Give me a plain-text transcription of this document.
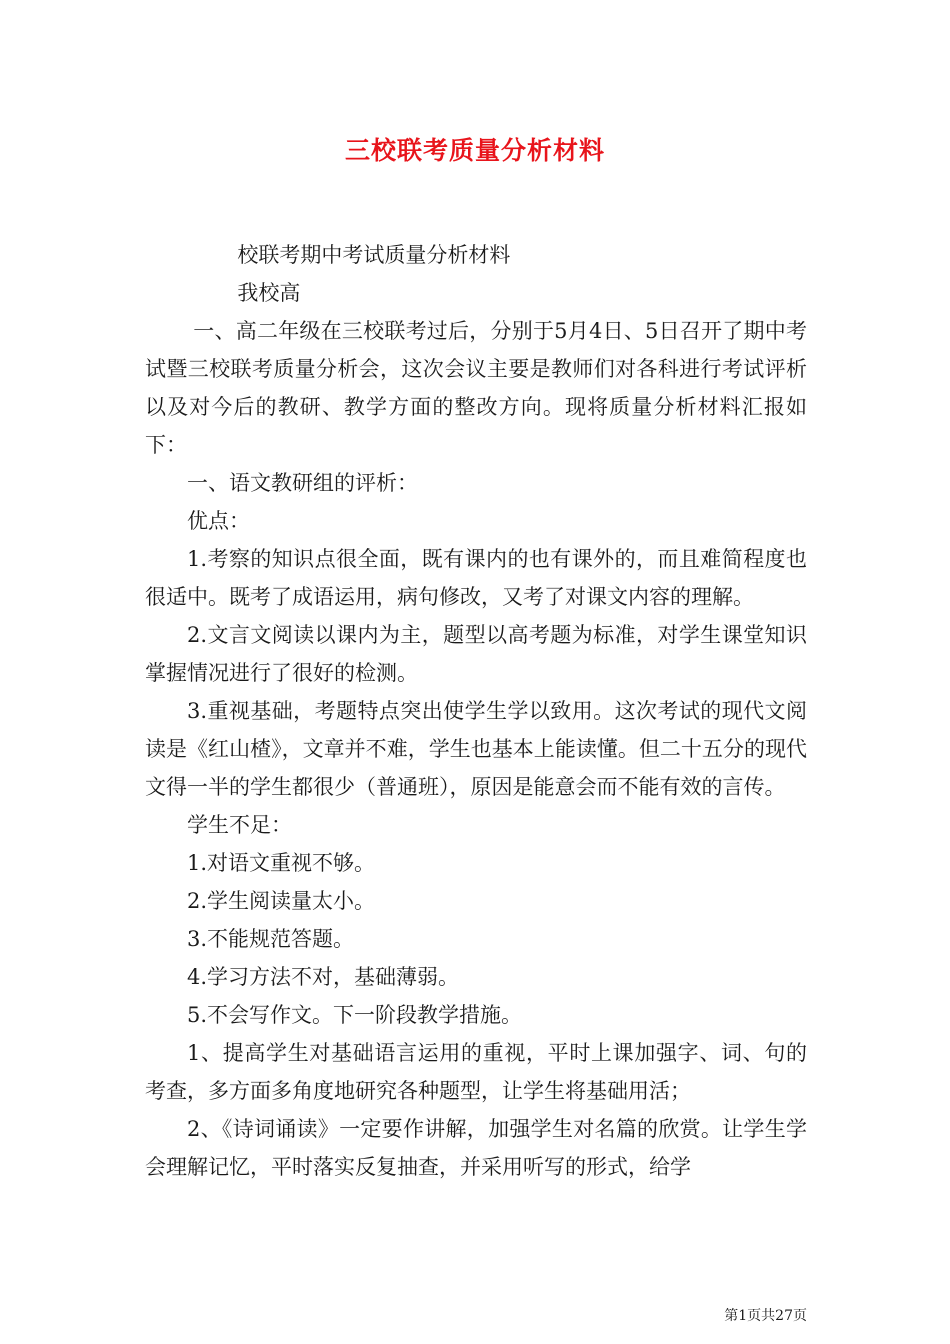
三校联考质量分析材料

校联考期中考试质量分析材料

我校高

一、高二年级在三校联考过后，分别于5月4日、5日召开了期中考试暨三校联考质量分析会，这次会议主要是教师们对各科进行考试评析以及对今后的教研、教学方面的整改方向。现将质量分析材料汇报如下：

一、语文教研组的评析：

优点：

1.考察的知识点很全面，既有课内的也有课外的，而且难简程度也很适中。既考了成语运用，病句修改，又考了对课文内容的理解。

2.文言文阅读以课内为主，题型以高考题为标准，对学生课堂知识掌握情况进行了很好的检测。

3.重视基础，考题特点突出使学生学以致用。这次考试的现代文阅读是《红山楂》，文章并不难，学生也基本上能读懂。但二十五分的现代文得一半的学生都很少（普通班），原因是能意会而不能有效的言传。

学生不足：

1.对语文重视不够。

2.学生阅读量太小。

3.不能规范答题。

4.学习方法不对，基础薄弱。

5.不会写作文。下一阶段教学措施。

1、提高学生对基础语言运用的重视，平时上课加强字、词、句的考查，多方面多角度地研究各种题型，让学生将基础用活；

2、《诗词诵读》一定要作讲解，加强学生对名篇的欣赏。让学生学会理解记忆，平时落实反复抽查，并采用听写的形式，给学

第1页共27页
